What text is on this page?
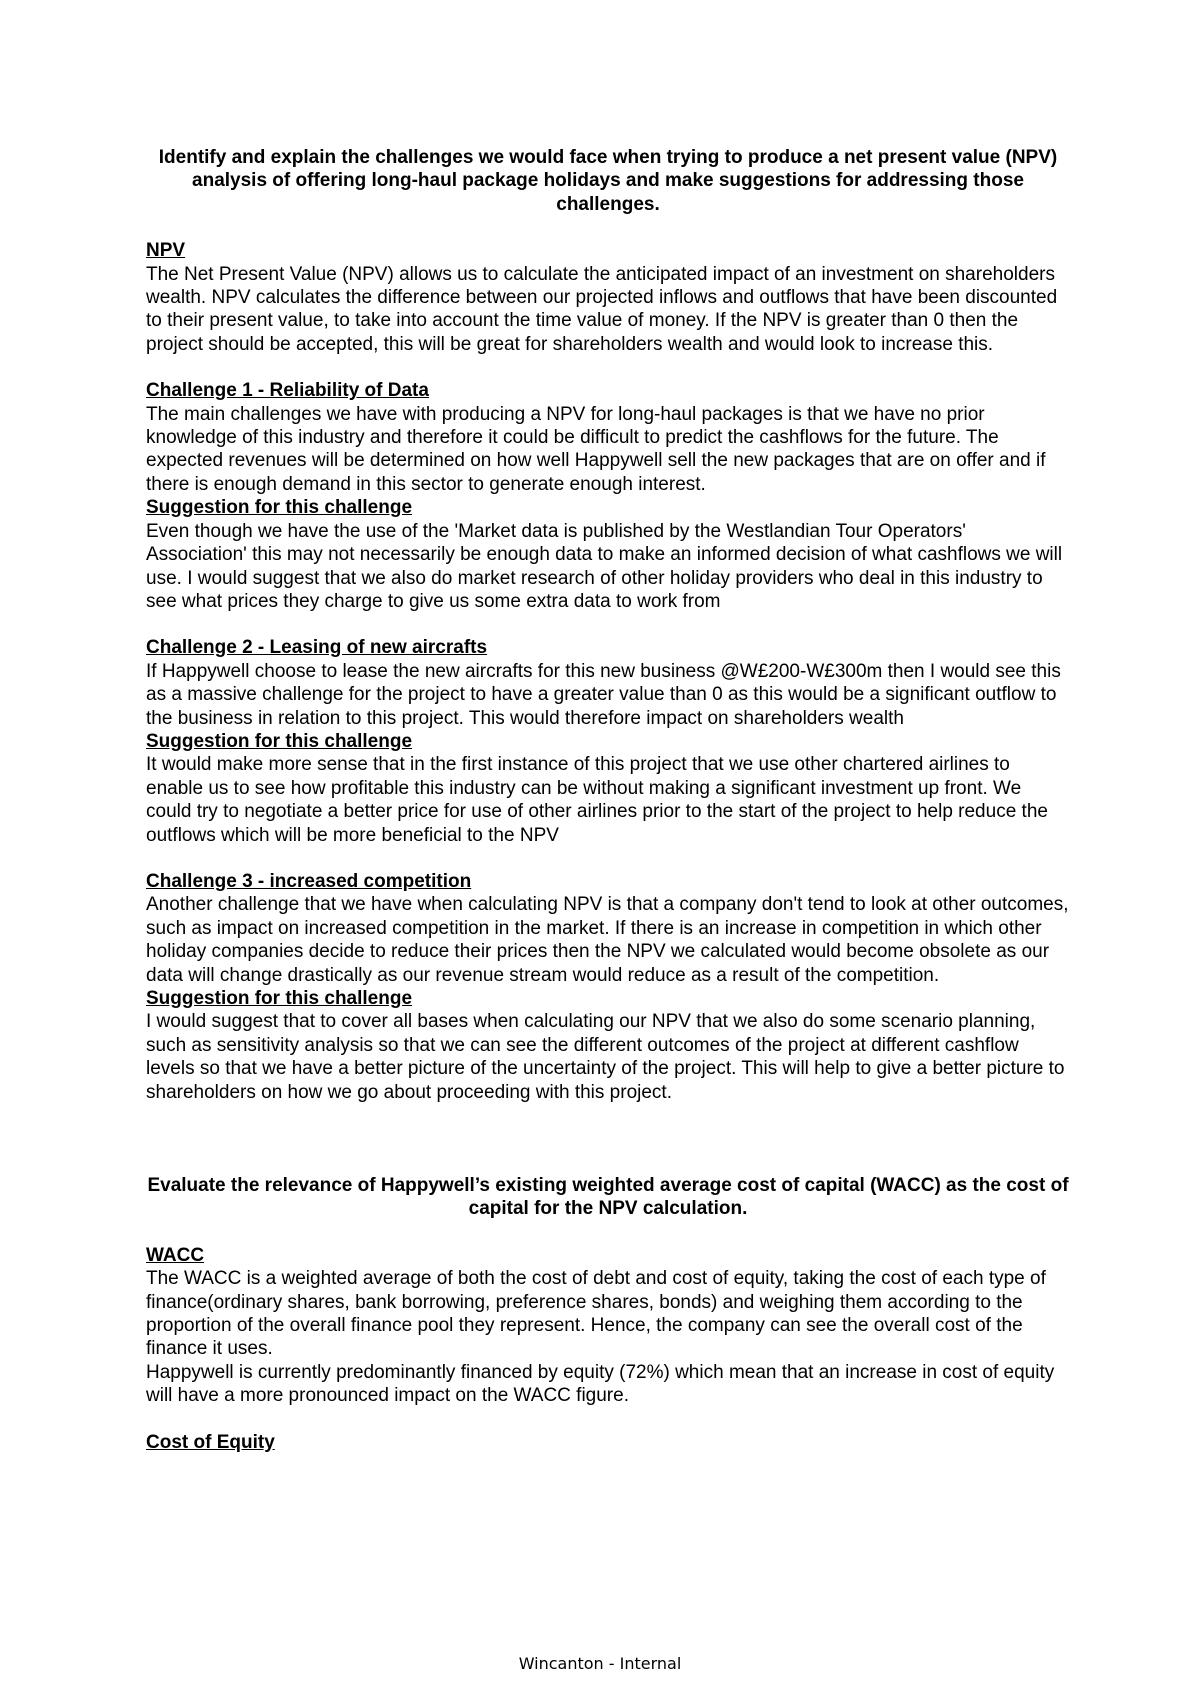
Identify and explain the challenges we would face when trying to produce a net present value (NPV) analysis of offering long-haul package holidays and make suggestions for addressing those challenges.

NPV

The Net Present Value (NPV) allows us to calculate the anticipated impact of an investment on shareholders wealth. NPV calculates the difference between our projected inflows and outflows that have been discounted to their present value, to take into account the time value of money. If the NPV is greater than 0 then the project should be accepted, this will be great for shareholders wealth and would look to increase this.

Challenge 1 - Reliability of Data

The main challenges we have with producing a NPV for long-haul packages is that we have no prior knowledge of this industry and therefore it could be difficult to predict the cashflows for the future. The expected revenues will be determined on how well Happywell sell the new packages that are on offer and if there is enough demand in this sector to generate enough interest.

Suggestion for this challenge

Even though we have the use of the 'Market data is published by the Westlandian Tour Operators' Association' this may not necessarily be enough data to make an informed decision of what cashflows we will use. I would suggest that we also do market research of other holiday providers who deal in this industry to see what prices they charge to give us some extra data to work from

Challenge 2 - Leasing of new aircrafts

If Happywell choose to lease the new aircrafts for this new business @W£200-W£300m then I would see this as a massive challenge for the project to have a greater value than 0 as this would be a significant outflow to the business in relation to this project. This would therefore impact on shareholders wealth

Suggestion for this challenge

It would make more sense that in the first instance of this project that we use other chartered airlines to enable us to see how profitable this industry can be without making a significant investment up front. We could try to negotiate a better price for use of other airlines prior to the start of the project to help reduce the outflows which will be more beneficial to the NPV

Challenge 3 - increased competition

Another challenge that we have when calculating NPV is that a company don't tend to look at other outcomes, such as impact on increased competition in the market. If there is an increase in competition in which other holiday companies decide to reduce their prices then the NPV we calculated would become obsolete as our data will change drastically as our revenue stream would reduce as a result of the competition.

Suggestion for this challenge

I would suggest that to cover all bases when calculating our NPV that we also do some scenario planning, such as sensitivity analysis so that we can see the different outcomes of the project at different cashflow levels so that we have a better picture of the uncertainty of the project. This will help to give a better picture to shareholders on how we go about proceeding with this project.

Evaluate the relevance of Happywell’s existing weighted average cost of capital (WACC) as the cost of capital for the NPV calculation.

WACC

The WACC is a weighted average of both the cost of debt and cost of equity, taking the cost of each type of finance(ordinary shares, bank borrowing, preference shares, bonds) and weighing them according to the proportion of the overall finance pool they represent. Hence, the company can see the overall cost of the finance it uses.

Happywell is currently predominantly financed by equity (72%) which mean that an increase in cost of equity will have a more pronounced impact on the WACC figure.

Cost of Equity

Wincanton - Internal
